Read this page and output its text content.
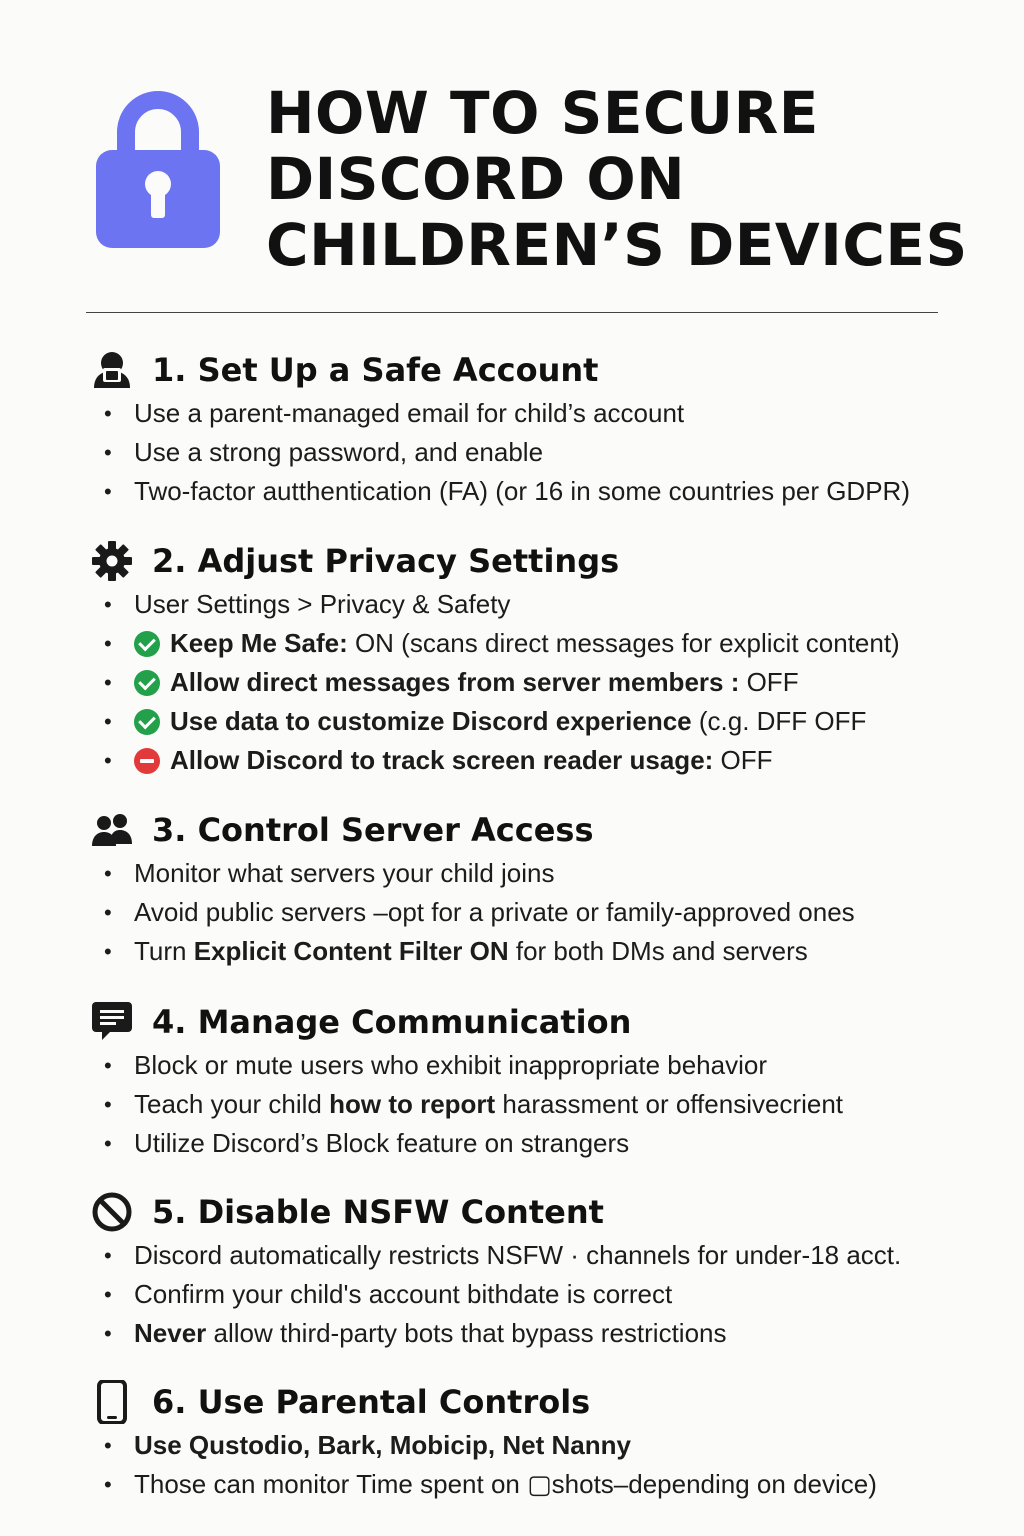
HOW TO SECURE
DISCORD ON
CHILDREN’S DEVICES
1. Set Up a Safe Account
• Use a parent-managed email for child’s account
• Use a strong password, and enable
• Two-factor autthentication (FA) (or 16 in some countries per GDPR)
2. Adjust Privacy Settings
• User Settings > Privacy & Safety
• Keep Me Safe: ON (scans direct messages for explicit content)
• Allow direct messages from server members : OFF
• Use data to customize Discord experience (c.g. DFF OFF
• Allow Discord to track screen reader usage: OFF
3. Control Server Access
• Monitor what servers your child joins
• Avoid public servers –opt for a private or family-approved ones
• Turn Explicit Content Filter ON for both DMs and servers
4. Manage Communication
• Block or mute users who exhibit inappropriate behavior
• Teach your child how to report harassment or offensivecrient
• Utilize Discord’s Block feature on strangers
5. Disable NSFW Content
• Discord automatically restricts NSFW · channels for under-18 acct.
• Confirm your child's account bithdate is correct
• Never allow third-party bots that bypass restrictions
6. Use Parental Controls
• Use Qustodio, Bark, Mobicip, Net Nanny
• Those can monitor Time spent on ▢shots–depending on device)
